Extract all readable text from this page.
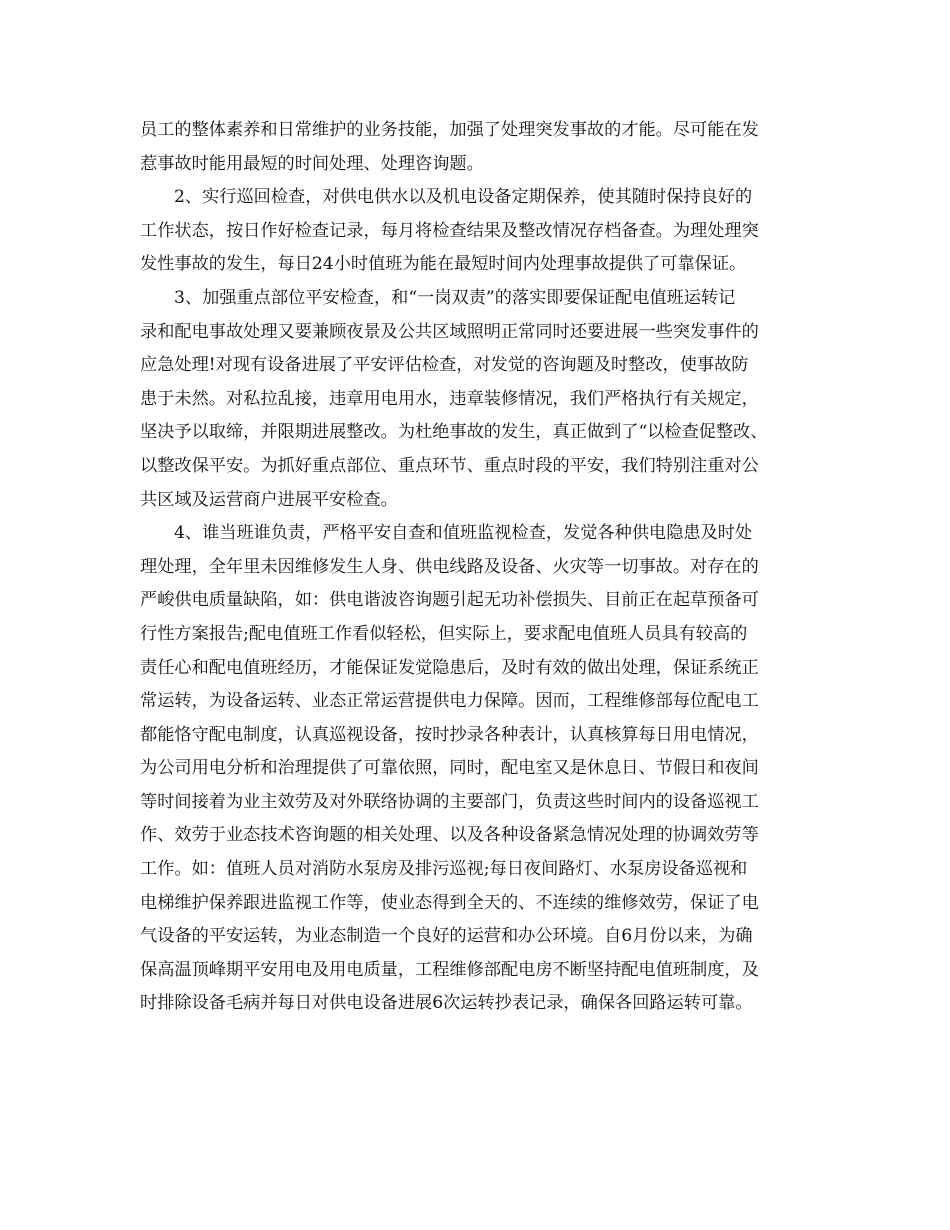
员工的整体素养和日常维护的业务技能，加强了处理突发事故的才能。尽可能在发
惹事故时能用最短的时间处理、处理咨询题。
2、实行巡回检查，对供电供水以及机电设备定期保养，使其随时保持良好的
工作状态，按日作好检查记录，每月将检查结果及整改情况存档备查。为理处理突
发性事故的发生，每日24小时值班为能在最短时间内处理事故提供了可靠保证。
3、加强重点部位平安检查，和“一岗双责”的落实即要保证配电值班运转记
录和配电事故处理又要兼顾夜景及公共区域照明正常同时还要进展一些突发事件的
应急处理!对现有设备进展了平安评估检查，对发觉的咨询题及时整改，使事故防
患于未然。对私拉乱接，违章用电用水，违章装修情况，我们严格执行有关规定，
坚决予以取缔，并限期进展整改。为杜绝事故的发生，真正做到了“以检查促整改、
以整改保平安。为抓好重点部位、重点环节、重点时段的平安，我们特别注重对公
共区域及运营商户进展平安检查。
4、谁当班谁负责，严格平安自查和值班监视检查，发觉各种供电隐患及时处
理处理，全年里未因维修发生人身、供电线路及设备、火灾等一切事故。对存在的
严峻供电质量缺陷，如：供电谐波咨询题引起无功补偿损失、目前正在起草预备可
行性方案报告;配电值班工作看似轻松，但实际上，要求配电值班人员具有较高的
责任心和配电值班经历，才能保证发觉隐患后，及时有效的做出处理，保证系统正
常运转，为设备运转、业态正常运营提供电力保障。因而，工程维修部每位配电工
都能恪守配电制度，认真巡视设备，按时抄录各种表计，认真核算每日用电情况，
为公司用电分析和治理提供了可靠依照，同时，配电室又是休息日、节假日和夜间
等时间接着为业主效劳及对外联络协调的主要部门，负责这些时间内的设备巡视工
作、效劳于业态技术咨询题的相关处理、以及各种设备紧急情况处理的协调效劳等
工作。如：值班人员对消防水泵房及排污巡视;每日夜间路灯、水泵房设备巡视和
电梯维护保养跟进监视工作等，使业态得到全天的、不连续的维修效劳，保证了电
气设备的平安运转，为业态制造一个良好的运营和办公环境。自6月份以来，为确
保高温顶峰期平安用电及用电质量，工程维修部配电房不断坚持配电值班制度，及
时排除设备毛病并每日对供电设备进展6次运转抄表记录，确保各回路运转可靠。
